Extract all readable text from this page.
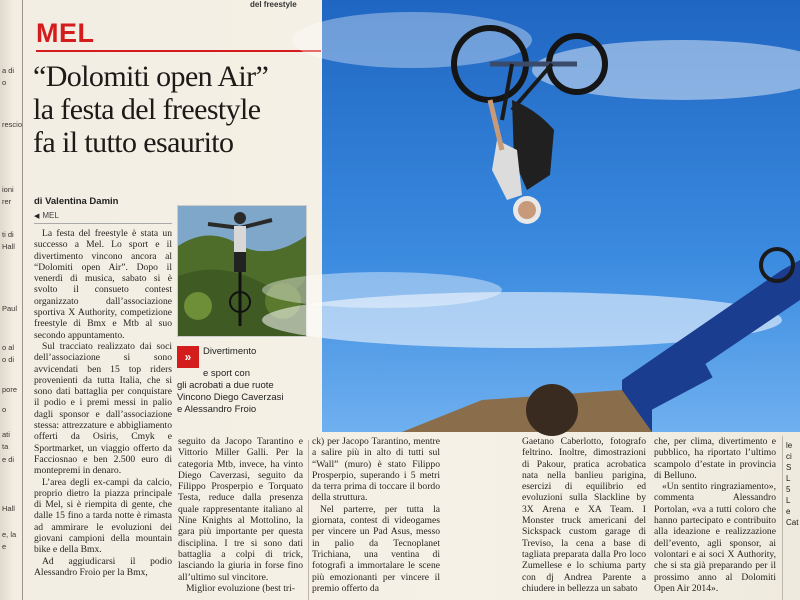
a di
o
rescio
ioni
rer
ti di
Hall
Paul
o al
o di
pore
o
ati
ta
e di
Hall
e, la
e
del freestyle
MEL
“Dolomiti open Air”
la festa del freestyle
fa il tutto esaurito
di Valentina Damin
◀ MEL

La festa del freestyle è stata un successo a Mel. Lo sport e il divertimento vincono ancora al “Dolomiti open Air”. Dopo il venerdì di musica, sabato si è svolto il consueto contest organizzato dall’associazione sportiva X Authority, competizione freestyle di Bmx e Mtb al suo secondo appuntamento.

Sul tracciato realizzato dai soci dell’associazione si sono avvicendati ben 15 top riders provenienti da tutta Italia, che si sono dati battaglia per conquistare il podio e i premi messi in palio dagli sponsor e dall’associazione stessa: attrezzature e abbigliamento offerti da Osiris, Cmyk e Sportmarket, un viaggio offerto da Facciosnao e ben 2.500 euro di montepremi in denaro.

L’area degli ex-campi da calcio, proprio dietro la piazza principale di Mel, si è riempita di gente, che dalle 15 fino a tarda notte è rimasta ad ammirare le evoluzioni dei giovani campioni della mountain bike e della Bmx.

Ad aggiudicarsi il podio Alessandro Froio per la Bmx,

» Divertimento
e sport con
gli acrobati a due ruote
Vincono Diego Caverzasi
e Alessandro Froio

seguito da Jacopo Tarantino e Vittorio Miller Galli. Per la categoria Mtb, invece, ha vinto Diego Caverzasi, seguito da Filippo Prosperpio e Torquato Testa, reduce dalla presenza quale rappresentante italiano al Nine Knights al Mottolino, la gara più importante per questa disciplina. I tre si sono dati battaglia a colpi di trick, lasciando la giuria in forse fino all’ultimo sul vincitore.

Miglior evoluzione (best tri-

ck) per Jacopo Tarantino, mentre a salire più in alto di tutti sul “Wall” (muro) è stato Filippo Prosperpio, superando i 5 metri da terra prima di toccare il bordo della struttura.

Nel parterre, per tutta la giornata, contest di videogames per vincere un Pad Asus, messo in palio da Tecnoplanet Trichiana, una ventina di fotografi a immortalare le scene più emozionanti per vincere il premio offerto da

Gaetano Caberlotto, fotografo feltrino. Inoltre, dimostrazioni di Pakour, pratica acrobatica nata nella banlieu parigina, esercizi di equilibrio ed evoluzioni sulla Slackline by 3X Arena e XA Team. I Monster truck americani del Sickspack custom garage di Treviso, la cena a base di tagliata preparata dalla Pro loco Zumellese e lo schiuma party con dj Andrea Parente a chiudere in bellezza un sabato

che, per clima, divertimento e pubblico, ha riportato l’ultimo scampolo d’estate in provincia di Belluno.

«Un sentito ringraziamento», commenta Alessandro Portolan, «va a tutti coloro che hanno partecipato e contribuito alla ideazione e realizzazione dell’evento, agli sponsor, ai volontari e ai soci X Authority, che si sta già preparando per il prossimo anno al Dolomiti Open Air 2014».

le
ci
S
L
5
L
e
Cat
